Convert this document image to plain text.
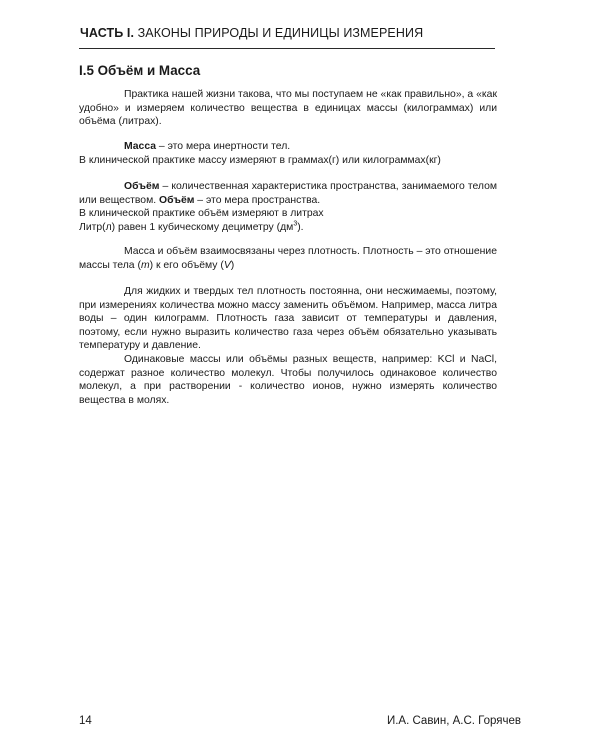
ЧАСТЬ I. ЗАКОНЫ ПРИРОДЫ И ЕДИНИЦЫ ИЗМЕРЕНИЯ
I.5 Объём и Масса

Практика нашей жизни такова, что мы поступаем не «как правильно», а «как удобно» и измеряем количество вещества в единицах массы (килограммах) или объёма (литрах).

Масса – это мера инертности тел.

В клинической практике массу измеряют в граммах(г) или килограммах(кг)

Объём – количественная характеристика пространства, занимаемого телом или веществом. Объём – это мера пространства.

В клинической практике объём измеряют в литрах

Литр(л) равен 1 кубическому дециметру $(дм^3)$.

Масса и объём взаимосвязаны через плотность. Плотность – это отношение массы тела (m) к его объёму (V)

Для жидких и твердых тел плотность постоянна, они несжимаемы, поэтому, при измерениях количества можно массу заменить объёмом. Например, масса литра воды – один килограмм. Плотность газа зависит от температуры и давления, поэтому, если нужно выразить количество газа через объём обязательно указывать температуру и давление.

Одинаковые массы или объёмы разных веществ, например: KCl и NaCl, содержат разное количество молекул. Чтобы получилось одинаковое количество молекул, а при растворении - количество ионов, нужно измерять количество вещества в молях.

14	И.А. Савин, А.С. Горячев
